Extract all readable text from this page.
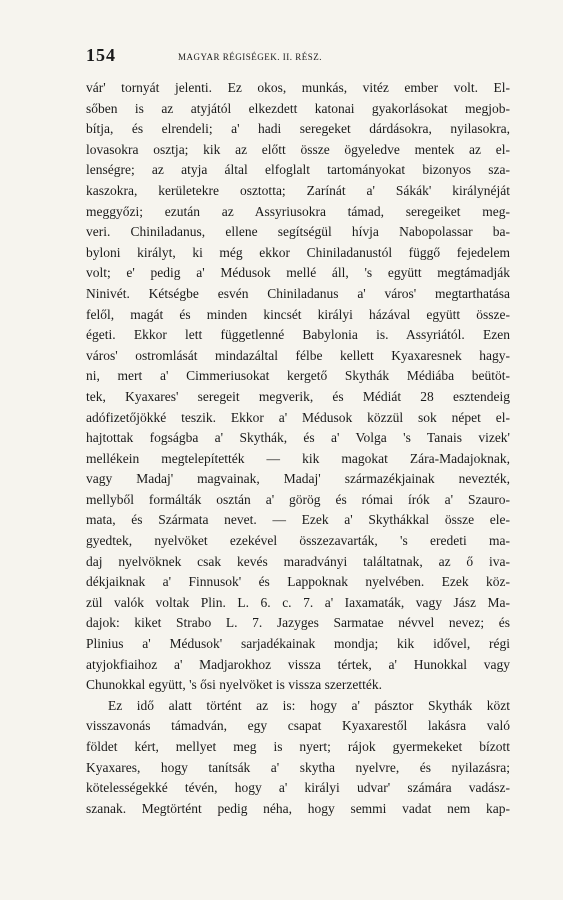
154	MAGYAR RÉGISÉGEK. II. RÉSZ.
vár' tornyát jelenti. Ez okos, munkás, vitéz ember volt. El-
sőben is az atyjától elkezdett katonai gyakorlásokat megjob-
bítja, és elrendeli; a' hadi seregeket dárdásokra, nyilasokra,
lovasokra osztja; kik az előtt össze ögyeledve mentek az el-
lenségre; az atyja által elfoglalt tartományokat bizonyos sza-
kaszokra, kerületekre osztotta; Zarínát a' Sákák' királynéját
meggyőzi; ezután az Assyriusokra támad, seregeiket meg-
veri. Chiniladanus, ellene segítségül hívja Nabopolassar ba-
byloni királyt, ki még ekkor Chiniladanustól függő fejedelem
volt; e' pedig a' Médusok mellé áll, 's együtt megtámadják
Ninivét. Kétségbe esvén Chiniladanus a' város' megtarthatása
felől, magát és minden kincsét királyi házával együtt össze-
égeti. Ekkor lett függetlenné Babylonia is. Assyriától. Ezen
város' ostromlását mindazáltal félbe kellett Kyaxaresnek hagy-
ni, mert a' Cimmeriusokat kergető Skythák Médiába beütöt-
tek, Kyaxares' seregeit megverik, és Médiát 28 esztendeig
adófizetőjökké teszik. Ekkor a' Médusok közzül sok népet el-
hajtottak fogságba a' Skythák, és a' Volga 's Tanais vizek'
mellékein megtelepítették — kik magokat Zára-Madajoknak,
vagy Madaj' magvainak, Madaj' származékjainak nevezték,
mellyből formálták osztán a' görög és római írók a' Szauro-
mata, és Szármata nevet. — Ezek a' Skythákkal össze ele-
gyedtek, nyelvöket ezekével összezavarták, 's eredeti ma-
daj nyelvöknek csak kevés maradványi találtatnak, az ő iva-
dékjaiknak a' Finnusok' és Lappoknak nyelvében. Ezek köz-
zül valók voltak Plin. L. 6. c. 7. a' Iaxamaták, vagy Jász Ma-
dajok: kiket Strabo L. 7. Jazyges Sarmatae névvel nevez; és
Plinius a' Médusok' sarjadékainak mondja; kik idővel, régi
atyjokfiaihoz a' Madjarokhoz vissza tértek, a' Hunokkal vagy
Chunokkal együtt, 's ősi nyelvöket is vissza szerzették.
Ez idő alatt történt az is: hogy a' pásztor Skythák közt
visszavonás támadván, egy csapat Kyaxarestől lakásra való
földet kért, mellyet meg is nyert; rájok gyermekeket bízott
Kyaxares, hogy tanítsák a' skytha nyelvre, és nyilazásra;
kötelességekké tévén, hogy a' királyi udvar' számára vadász-
szanak. Megtörtént pedig néha, hogy semmi vadat nem kap-
